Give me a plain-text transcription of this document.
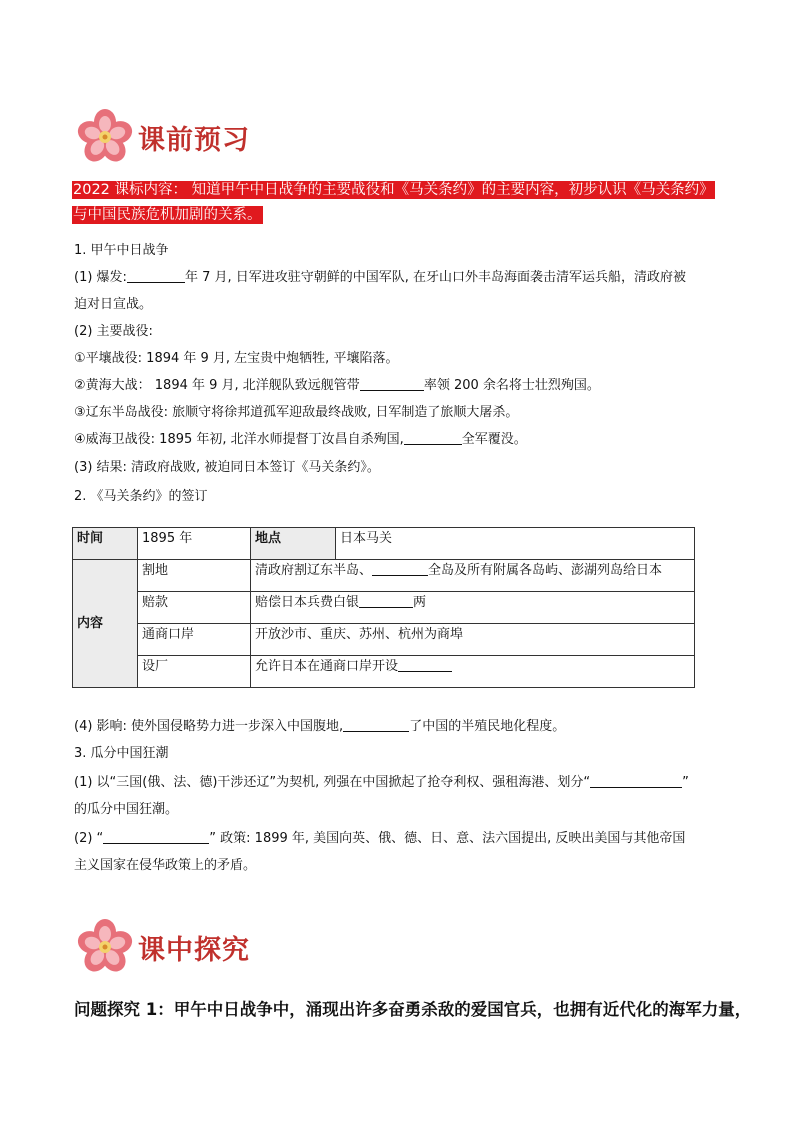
课前预习
2022 课标内容： 知道甲午中日战争的主要战役和《马关条约》的主要内容，初步认识《马关条约》与中国民族危机加剧的关系。
1. 甲午中日战争
(1) 爆发:	年 7 月, 日军进攻驻守朝鲜的中国军队, 在牙山口外丰岛海面袭击清军运兵船，清政府被
迫对日宣战。
(2) 主要战役:
①平壤战役: 1894 年 9 月, 左宝贵中炮牺牲, 平壤陷落。
②黄海大战： 1894 年 9 月, 北洋舰队致远舰管带	率领 200 余名将士壮烈殉国。
③辽东半岛战役: 旅顺守将徐邦道孤军迎敌最终战败, 日军制造了旅顺大屠杀。
④威海卫战役: 1895 年初, 北洋水师提督丁汝昌自杀殉国,	全军覆没。
(3) 结果: 清政府战败, 被迫同日本签订《马关条约》。
2. 《马关条约》的签订
时间	1895 年	地点	日本马关
内容	割地	清政府割辽东半岛、 全岛及所有附属各岛屿、澎湖列岛给日本	
	赔款	赔偿日本兵费白银 两	
	通商口岸	开放沙市、重庆、苏州、杭州为商埠	
	设厂	允许日本在通商口岸开设	
(4) 影响: 使外国侵略势力进一步深入中国腹地,	了中国的半殖民地化程度。
3. 瓜分中国狂潮
(1) 以“三国(俄、法、德)干涉还辽”为契机, 列强在中国掀起了抢夺利权、强租海港、划分“	”
的瓜分中国狂潮。
(2) “	” 政策: 1899 年, 美国向英、俄、德、日、意、法六国提出, 反映出美国与其他帝国
主义国家在侵华政策上的矛盾。
课中探究
问题探究 1：甲午中日战争中，涌现出许多奋勇杀敌的爱国官兵，也拥有近代化的海军力量，
